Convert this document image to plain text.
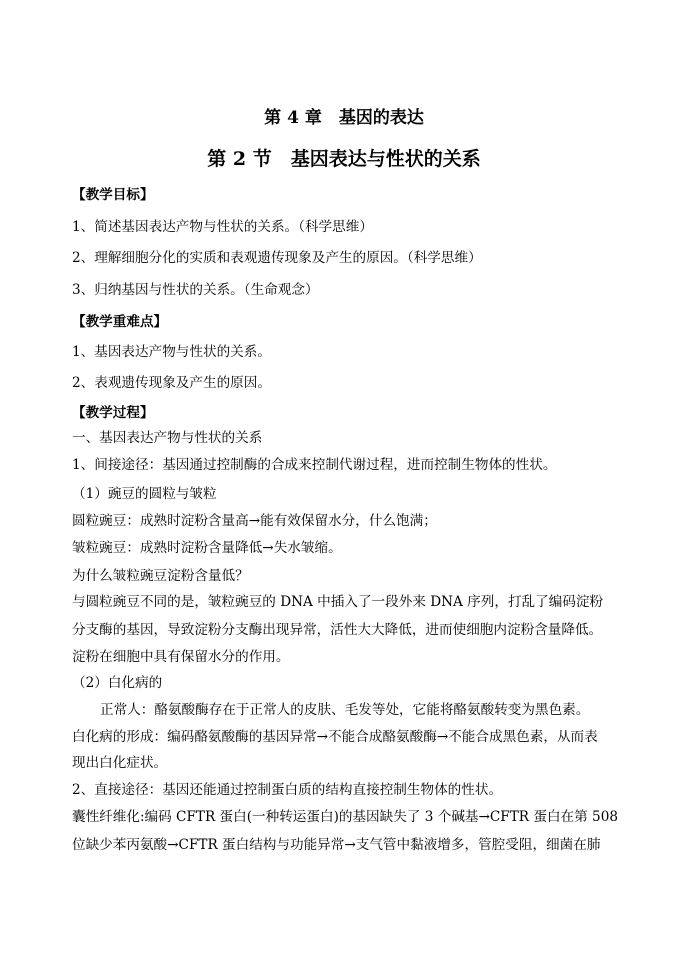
第 4 章　基因的表达
第 2 节　基因表达与性状的关系
【教学目标】
1、简述基因表达产物与性状的关系。（科学思维）
2、理解细胞分化的实质和表观遗传现象及产生的原因。（科学思维）
3、归纳基因与性状的关系。（生命观念）
【教学重难点】
1、基因表达产物与性状的关系。
2、表观遗传现象及产生的原因。
【教学过程】
一、基因表达产物与性状的关系
1、间接途径：基因通过控制酶的合成来控制代谢过程，进而控制生物体的性状。
（1）豌豆的圆粒与皱粒
圆粒豌豆：成熟时淀粉含量高→能有效保留水分，什么饱满；
皱粒豌豆：成熟时淀粉含量降低→失水皱缩。
为什么皱粒豌豆淀粉含量低？
与圆粒豌豆不同的是，皱粒豌豆的 DNA 中插入了一段外来 DNA 序列，打乱了编码淀粉
分支酶的基因，导致淀粉分支酶出现异常，活性大大降低，进而使细胞内淀粉含量降低。
淀粉在细胞中具有保留水分的作用。
（2）白化病的
正常人：酪氨酸酶存在于正常人的皮肤、毛发等处，它能将酪氨酸转变为黑色素。
白化病的形成：编码酪氨酸酶的基因异常→不能合成酪氨酸酶→不能合成黑色素，从而表
现出白化症状。
2、直接途径：基因还能通过控制蛋白质的结构直接控制生物体的性状。
囊性纤维化:编码 CFTR 蛋白(一种转运蛋白)的基因缺失了 3 个碱基→CFTR 蛋白在第 508
位缺少苯丙氨酸→CFTR 蛋白结构与功能异常→支气管中黏液增多，管腔受阻，细菌在肺
